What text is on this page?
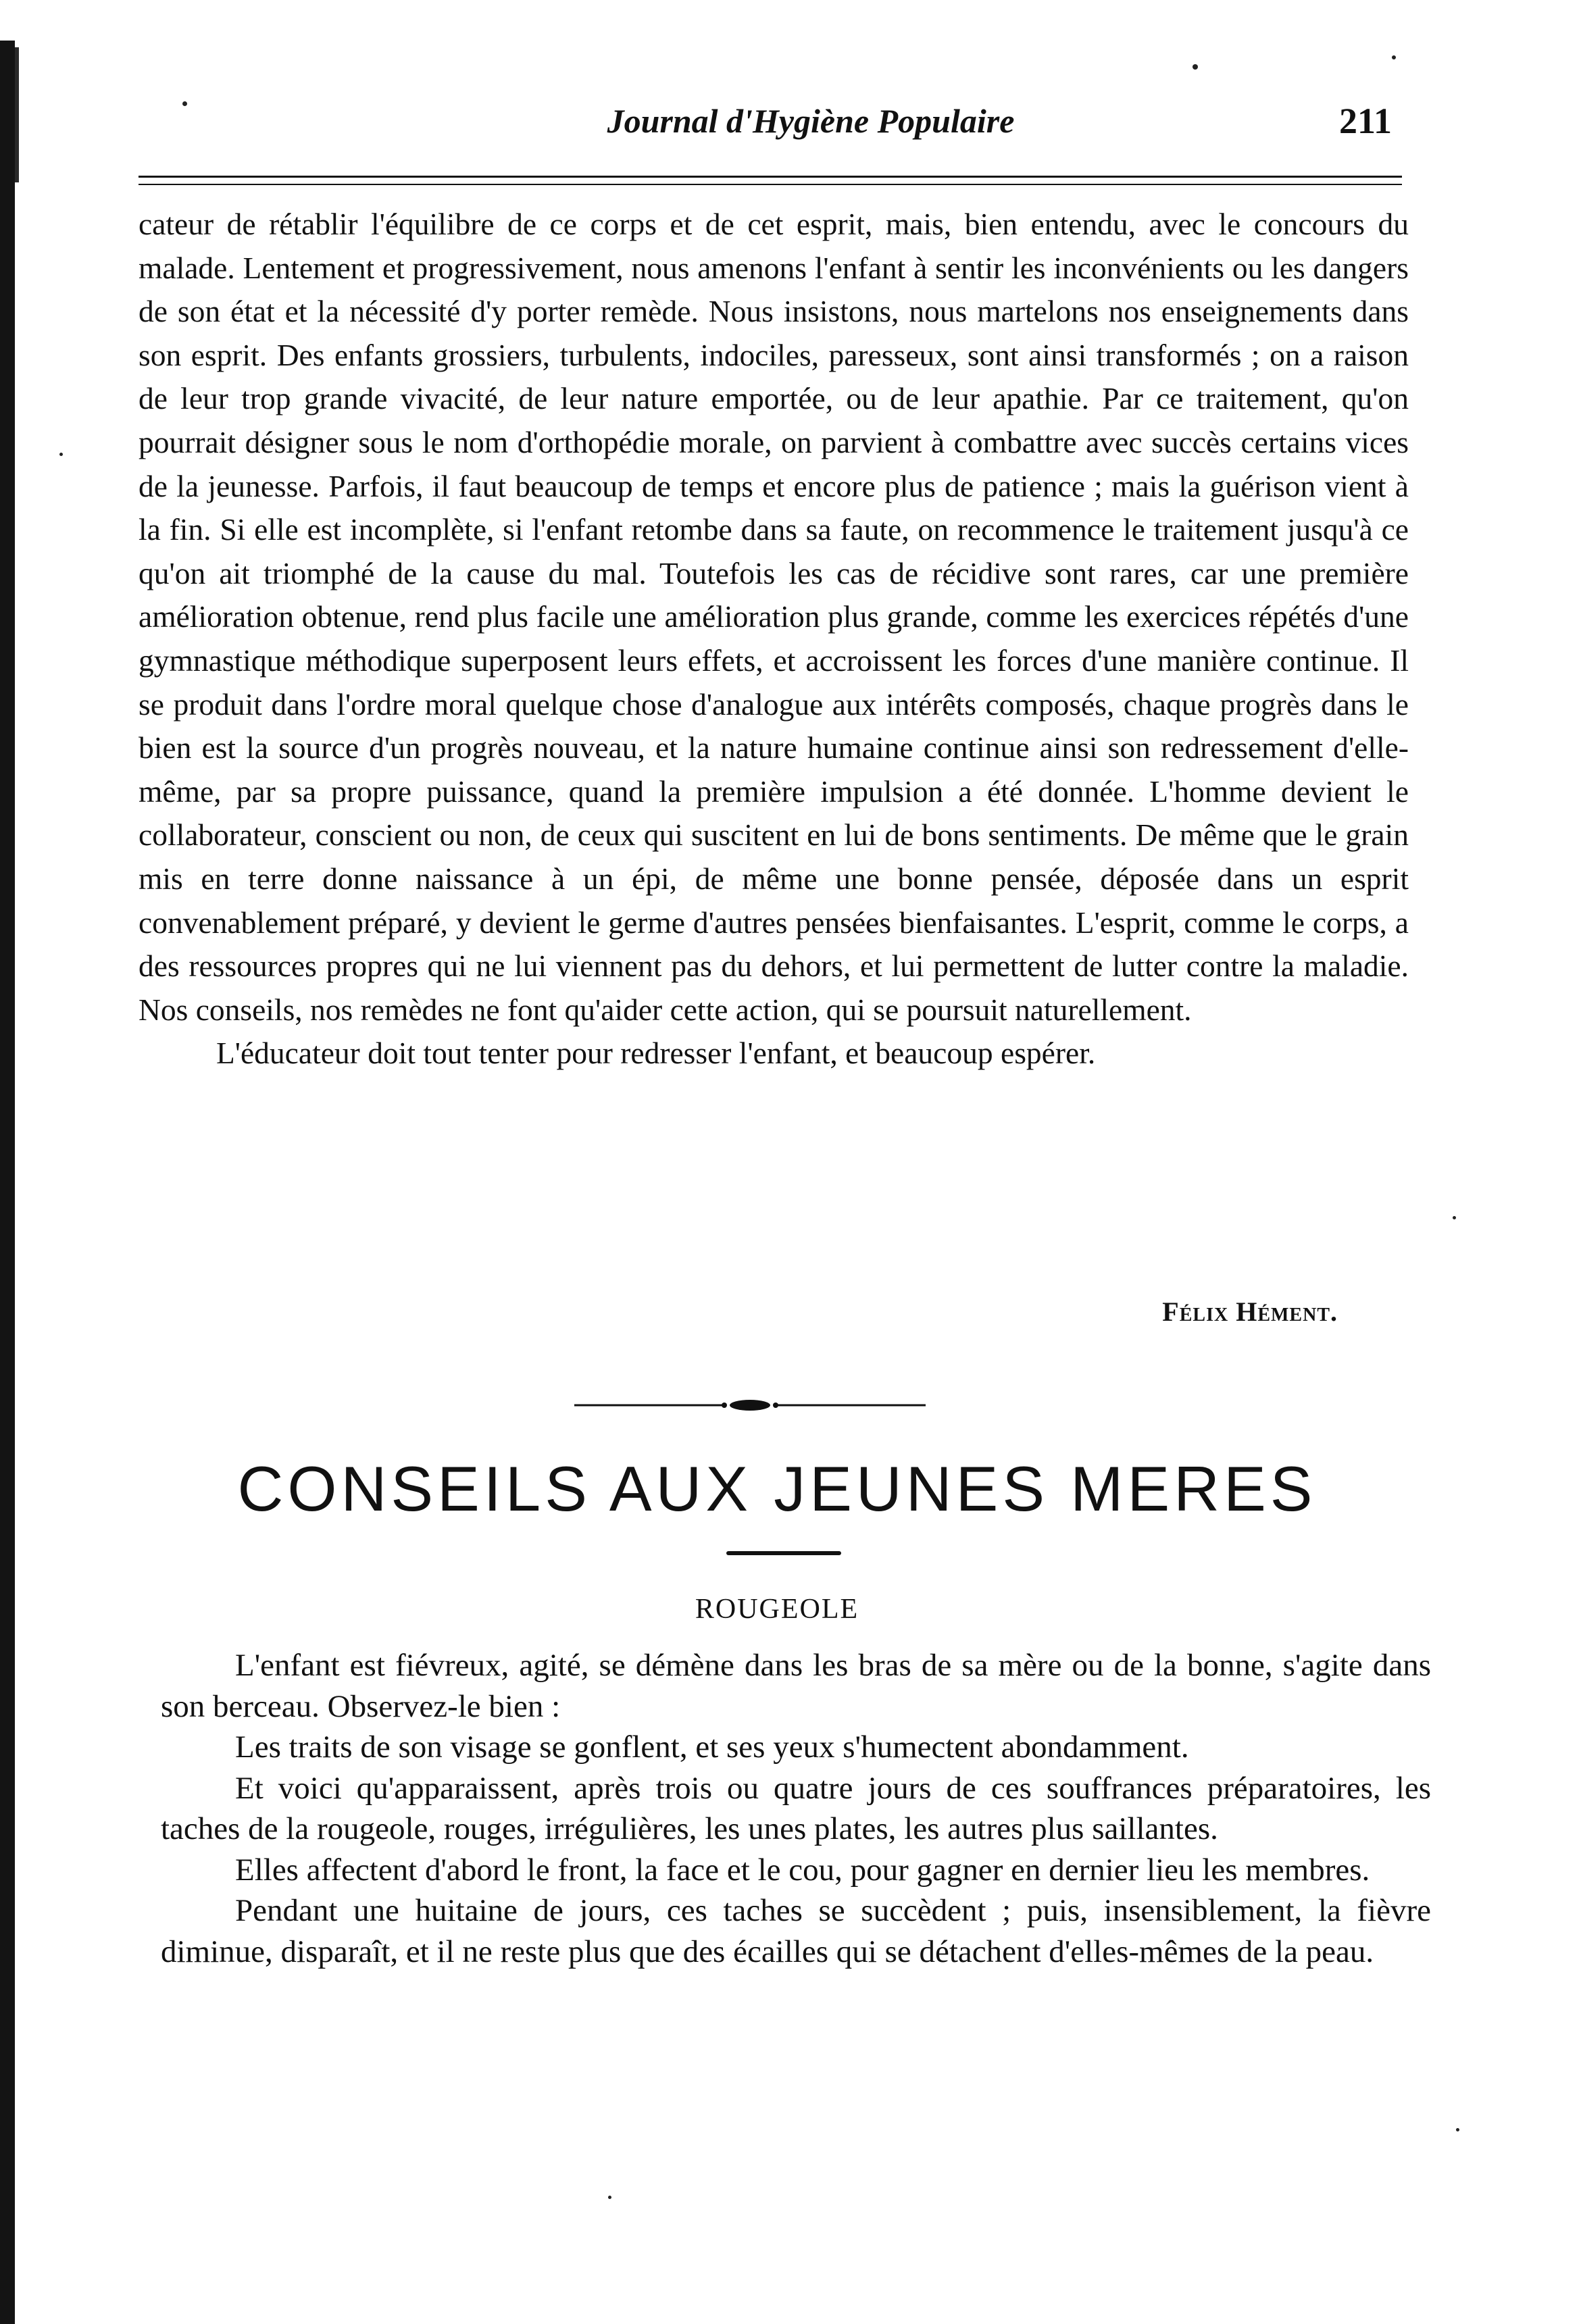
Journal d'Hygiène Populaire	211

cateur de rétablir l'équilibre de ce corps et de cet esprit, mais, bien entendu, avec le concours du malade. Lentement et progressivement, nous amenons l'enfant à sentir les inconvénients ou les dangers de son état et la nécessité d'y porter remède. Nous insistons, nous martelons nos enseignements dans son esprit. Des enfants grossiers, turbulents, indociles, paresseux, sont ainsi transformés ; on a raison de leur trop grande vivacité, de leur nature emportée, ou de leur apathie. Par ce traitement, qu'on pourrait désigner sous le nom d'orthopédie morale, on parvient à combattre avec succès certains vices de la jeunesse. Parfois, il faut beaucoup de temps et encore plus de patience ; mais la guérison vient à la fin. Si elle est incomplète, si l'enfant retombe dans sa faute, on recommence le traitement jusqu'à ce qu'on ait triomphé de la cause du mal. Toutefois les cas de récidive sont rares, car une première amélioration obtenue, rend plus facile une amélioration plus grande, comme les exercices répétés d'une gymnastique méthodique superposent leurs effets, et accroissent les forces d'une manière continue. Il se produit dans l'ordre moral quelque chose d'analogue aux intérêts composés, chaque progrès dans le bien est la source d'un progrès nouveau, et la nature humaine continue ainsi son redressement d'elle-même, par sa propre puissance, quand la première impulsion a été donnée. L'homme devient le collaborateur, conscient ou non, de ceux qui suscitent en lui de bons sentiments. De même que le grain mis en terre donne naissance à un épi, de même une bonne pensée, déposée dans un esprit convenablement préparé, y devient le germe d'autres pensées bienfaisantes. L'esprit, comme le corps, a des ressources propres qui ne lui viennent pas du dehors, et lui permettent de lutter contre la maladie. Nos conseils, nos remèdes ne font qu'aider cette action, qui se poursuit naturellement.

L'éducateur doit tout tenter pour redresser l'enfant, et beaucoup espérer.

Félix Hément.
CONSEILS AUX JEUNES MERES
ROUGEOLE

L'enfant est fiévreux, agité, se démène dans les bras de sa mère ou de la bonne, s'agite dans son berceau. Observez-le bien :

Les traits de son visage se gonflent, et ses yeux s'humectent abondamment.

Et voici qu'apparaissent, après trois ou quatre jours de ces souffrances préparatoires, les taches de la rougeole, rouges, irrégulières, les unes plates, les autres plus saillantes.

Elles affectent d'abord le front, la face et le cou, pour gagner en dernier lieu les membres.

Pendant une huitaine de jours, ces taches se succèdent ; puis, insensiblement, la fièvre diminue, disparaît, et il ne reste plus que des écailles qui se détachent d'elles-mêmes de la peau.
